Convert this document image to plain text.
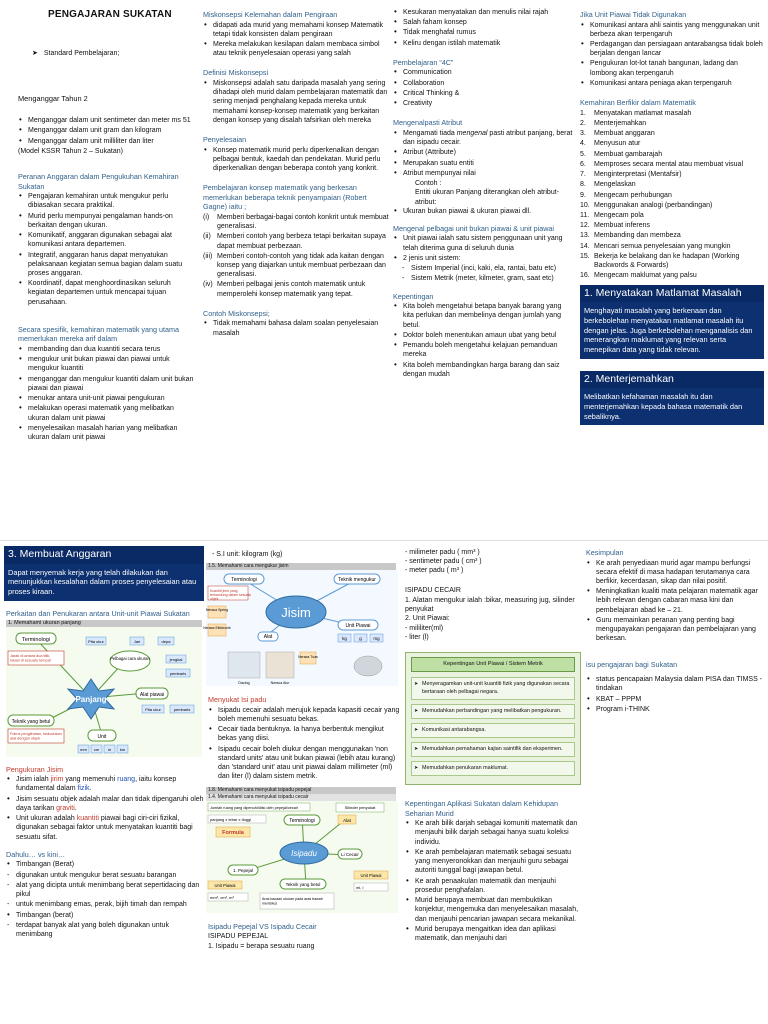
PENGAJARAN SUKATAN
➤ Standard Pembelajaran;
Menganggar Tahun 2
• Menganggar dalam unit sentimeter dan meter ms 51
• Menganggar dalam unit gram dan kilogram
• Menganggar dalam unit milliliter dan liter
(Model KSSR Tahun 2 – Sukatan)
Peranan Anggaran dalam Pengukuhan Kemahiran Sukatan
• Pengajaran kemahiran untuk mengukur perlu dibiasakan secara praktikal.
• Murid perlu mempunyai pengalaman hands-on berkaitan dengan ukuran.
• Komunikatif, anggaran digunakan sebagai alat komunikasi antara departemen.
• Integratif, anggaran harus dapat menyatukan pelaksanaan kegiatan semua bagian dalam suatu proses anggaran.
• Koordinatif, dapat menghoordinasikan seluruh kegiatan departemen untuk mencapai tujuan perusahaan.
Secara spesifik, kemahiran matematik yang utama memerlukan mereka arif dalam
• membanding dan dua kuantiti secara terus
• mengukur unit bukan piawai dan piawai untuk mengukur kuantiti
• menganggar dan mengukur kuantiti dalam unit bukan piawai dan piawai
• menukar antara unit-unit piawai pengukuran
• melakukan operasi matematik yang melibatkan ukuran dalam unit piawai
• menyelesaikan masalah harian yang melibatkan ukuran dalam unit piawai
Miskonsepsi Kelemahan dalam Pengiraan
• didapati ada murid yang memahami konsep Matematik tetapi tidak konsisten dalam pengiraan
• Mereka melakukan kesilapan dalam membaca simbol atau teknik penyelesaian operasi yang salah
Definisi Miskonsepsi
• Miskonsepsi adalah satu daripada masalah yang sering dihadapi oleh murid dalam pembelajaran matematik dan sering menjadi penghalang kepada mereka untuk memahami konsep-konsep matematik yang berkaitan dengan konsep yang disalah tafsirkan oleh mereka
Penyelesaian
• Konsep matematik murid perlu diperkenalkan dengan pelbagai bentuk, kaedah dan pendekatan. Murid perlu diperkenalkan dengan beberapa contoh yang konkrit.
Pembelajaran konsep matematik yang berkesan memerlukan beberapa teknik penyampaian (Robert Gagne) iaitu ;
(i) Memberi berbagai-bagai contoh konkrit untuk membuat generalisasi.
(ii) Memberi contoh yang berbeza tetapi berkaitan supaya dapat membuat perbezaan.
(iii) Memberi contoh-contoh yang tidak ada kaitan dengan konsep yang diajarkan untuk membuat perbezaan dan generalisasi.
(iv) Memberi pelbagai jenis contoh matematik untuk memperolehi konsep matematik yang tepat.
Contoh Miskonsepsi;
• Tidak memahami bahasa dalam soalan penyelesaian masalah
• Kesukaran menyatakan dan menulis nilai rajah
• Salah faham konsep
• Tidak menghafal rumus
• Keliru dengan istilah matematik
Pembelajaran “4C”
• Communication
• Collaboration
• Critical Thinking &
• Creativity
Mengenalpasti Atribut
• Mengamati tiada mengenal pasti atribut panjang, berat dan isipadu cecair.
• Atribut (Attribute)
• Merupakan suatu entiti
• Atribut mempunyai nilai
Contoh :
Entiti ukuran Panjang diterangkan oleh atribut-atribut:
• Ukuran bukan piawai & ukuran piawai dll.
Mengenal pelbagai unit bukan piawai & unit piawai
• Unit piawai ialah satu sistem penggunaan unit yang telah diterima guna di seluruh dunia
• 2 jenis unit sistem:
- Sistem Imperial (inci, kaki, ela, rantai, batu etc)
- Sistem Metrik (meter, kilmeter, gram, saat etc)
Kepentingan
• Kita boleh mengetahui betapa banyak barang yang kita perlukan dan membelinya dengan jumlah yang betul.
• Doktor boleh menentukan amaun ubat yang betul
• Pemandu boleh mengetahui kelajuan pemanduan mereka
• Kita boleh membandingkan harga barang dan saiz dengan mudah
Jika Unit Piawai Tidak Digunakan
• Komunikasi antara ahli saintis yang menggunakan unit berbeza akan terpengaruh
• Perdagangan dan persiagaan antarabangsa tidak boleh berjalan dengan lancar
• Pengukuran lot-lot tanah bangunan, ladang dan lombong akan terpengaruh
• Komunikasi antara peniaga akan terpengaruh
Kemahiran Berfikir dalam Matematik
1. Menyatakan matlamat masalah
2. Menterjemahkan
3. Membuat anggaran
4. Menyusun atur
5. Membuat gambarajah
6. Memproses secara mental atau membuat visual
7. Menginterpretasi (Mentafsir)
8. Mengelaskan
9. Mengecam perhubungan
10. Menggunakan analogi (perbandingan)
11. Mengecam pola
12. Membuat inferens
13. Membanding dan membeza
14. Mencari semua penyelesaian yang mungkin
15. Bekerja ke belakang dan ke hadapan (Working Backwords & Forwards)
16. Mengecam maklumat yang palsu
1. Menyatakan Matlamat Masalah
Menghayati masalah yang berkenaan dan berkebolehan menyatakan matlamat masalah itu dengan jelas. Juga berkebolehan menganalisis dan menerangkan maklumat yang relevan serta menepikan data yang tidak relevan.
2. Menterjemahkan
Melibatkan kefahaman masalah itu dan menterjemahkan kepada bahasa matematik dan sebaliknya.
3. Membuat Anggaran
Dapat menyemak kerja yang telah dilakukan dan menunjukkan kesalahan dalam proses penyelesaian atau proses kiraan.
Perkaitan dan Penukaran antara Unit-unit Piawai Sukatan
1. Memahami ukuran panjang
Panjang
Terminologi
Jarak di antara dua titik, lokasi di sesuatu tempat
Pita ukur	Jari	depa
Pelbagai cara ukuran	jengkal
pembaris
Teknik yang betul
Fokus penglihatan, kedudukan alat dengan objek
Alat piawai
Pita ukur	pembaris
Unit
mm cm m km
Pengukuran Jisim
• Jisim ialah jirim yang memenuhi ruang, iaitu konsep fundamental dalam fizik.
• Jisim sesuatu objek adalah malar dan tidak dipengaruhi oleh daya tarikan graviti.
• Unit ukuran adalah kuantiti piawai bagi ciri-ciri fizikal, digunakan sebagai faktor untuk menyatakan kuantiti bagi sesuatu sifat.
Dahulu… vs kini…
• Timbangan (Berat)
- digunakan untuk mengukur berat sesuatu barangan
- alat yang dicipta untuk menimbang berat sepertidacing dan pikul
- untuk menimbang emas, perak, bijih timah dan rempah
• Timbangan (berat)
- terdapat banyak alat yang boleh digunakan untuk menimbang
- S.I unit: kilogram (kg)
1.5. Memahami cara mengukur jisim
Jisim
Terminologi
Kuantiti jirim yang terkandung dalam sesuatu objek
Teknik mengukur
Unit Piawai
Alat
Neraca Spring
Neraca Elektronik
Dacing	Neraca Alur
Neraca Tuas
kg	g	mg
Menyukat Isi padu
• Isipadu cecair adalah merujuk kepada kapasiti cecair yang boleh memenuhi sesuatu bekas.
• Cecair tiada bentuknya. Ia hanya berbentuk mengikut bekas yang diisi.
• Isipadu cecair boleh diukur dengan menggunakan 'non standard units' atau unit bukan piawai (lebih atau kurang) dan 'standard unit' atau unit piawai dalam millimeter (ml) dan liter (l) dalam sistem metrik.
1.8. Memahami cara menyukat isipadu pepejal
1.4. Memahami cara menyukat isipadu cecair
Jumlah ruang yang dipenuhi/diisi oleh pepejal/cecair	Silinder penyukat
panjang x lebar x tinggi	Terminologi	Alat
Formula
Isipadu
1. Pepejal
Li Cecair
Unit Piawai	Teknik yang betul
Unit Piawai
mm³, cm³, m³	Aras bacaan ukuran pada aras bawah meniskus
ml, l
Isipadu Pepejal VS Isipadu Cecair
ISIPADU PEPEJAL
1. Isipadu = berapa sesuatu ruang
- milimeter padu ( mm³ )
- sentimeter padu ( cm³ )
- meter padu ( m³ )
ISIPADU CECAIR
1. Alatan mengukur ialah :bikar, measuring jug, silinder penyukat
2. Unit Piawai:
- mililiter(ml)
- liter (l)
Kepentingan Unit Piawai / Sistem Metrik
➤ Menyeragamkan unit-unit kuantiti fizik yang digunakan secara bertaraan oleh pelbagai negara.
➤ Memudahkan perbandingan yang melibatkan pengukuran.
➤ Komunikasi antarabangsa.
➤ Memudahkan pemahaman kajian saintifik dan eksperimen.
➤ Memudahkan penukaran maklumat.
Kepentingan Aplikasi Sukatan dalam Kehidupan Seharian Murid
• Ke arah bilik darjah sebagai komuniti matematik dan menjauhi bilik darjah sebagai hanya suatu koleksi individu.
• Ke arah pembelajaran matematik sebagai sesuatu yang menyeronokkan dan menjauhi guru sebagai autoriti tunggal bagi jawapan betul.
• Ke arah penaakulan matematik dan menjauhi prosedur penghafalan.
• Murid berupaya membuat dan membuktikan konjektur, mengemuka dan menyelesaikan masalah, dan menjauhi pencarian jawapan secara mekanikal.
• Murid berupaya mengaitkan idea dan aplikasi matematik, dan menjauhi dari
Kesimpulan
• Ke arah penyediaan murid agar mampu berfungsi secara efektif di masa hadapan terutamanya cara berfikir, kecerdasan, sikap dan nilai positif.
• Meningkatkan kualiti mata pelajaran matematik agar lebih relevan dengan cabaran masa kini dan pembelajaran abad ke – 21.
• Guru memainkan peranan yang penting bagi mengupayakan pengajaran dan pembelajaran yang berkesan.
isu pengajaran bagi Sukatan
• status pencapaian Malaysia dalam PISA dan TIMSS - tindakan
• KBAT – PPPM
• Program i-THINK
